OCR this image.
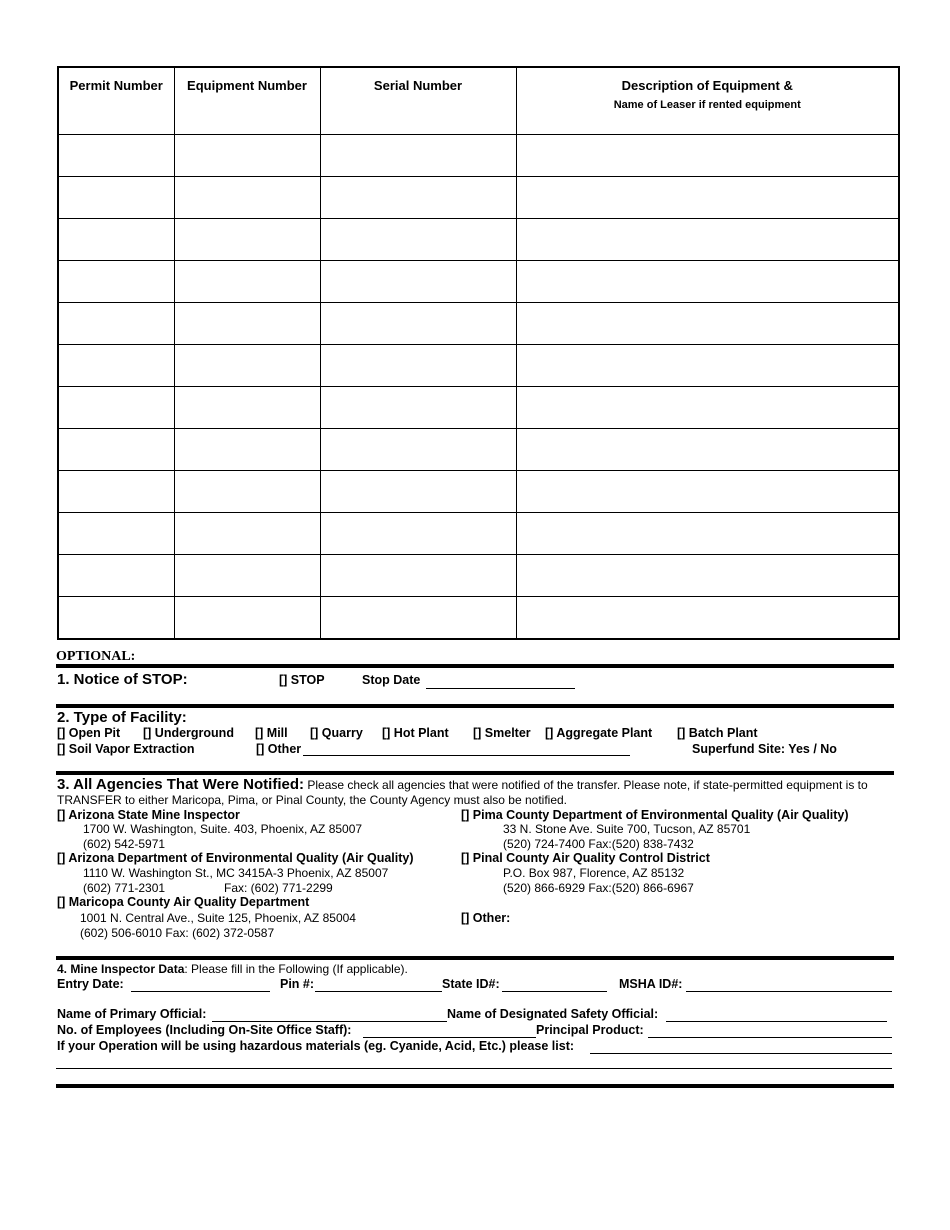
Permit Number	Equipment Number	Serial Number	Description of Equipment &
Name of Leaser if rented equipment

OPTIONAL:
1. Notice of STOP:	[] STOP	Stop Date
2. Type of Facility:
[] Open Pit [] Underground [] Mill [] Quarry [] Hot Plant [] Smelter [] Aggregate Plant [] Batch Plant
[] Soil Vapor Extraction	[] Other	Superfund Site: Yes / No
3. All Agencies That Were Notified: Please check all agencies that were notified of the transfer. Please note, if state-permitted equipment is to
TRANSFER to either Maricopa, Pima, or Pinal County, the County Agency must also be notified.
[] Arizona State Mine Inspector
1700 W. Washington, Suite. 403, Phoenix, AZ 85007
(602) 542-5971
[] Arizona Department of Environmental Quality (Air Quality)
1110 W. Washington St., MC 3415A-3 Phoenix, AZ 85007
(602) 771-2301	Fax: (602) 771-2299
[] Maricopa County Air Quality Department
1001 N. Central Ave., Suite 125, Phoenix, AZ 85004
(602) 506-6010 Fax: (602) 372-0587
[] Pima County Department of Environmental Quality (Air Quality)
33 N. Stone Ave. Suite 700, Tucson, AZ 85701
(520) 724-7400 Fax:(520) 838-7432
[] Pinal County Air Quality Control District
P.O. Box 987, Florence, AZ 85132
(520) 866-6929 Fax:(520) 866-6967
[] Other:
4. Mine Inspector Data: Please fill in the Following (If applicable).
Entry Date:	Pin #:	State ID#:	MSHA ID#:
Name of Primary Official:	Name of Designated Safety Official:
No. of Employees (Including On-Site Office Staff):	Principal Product:
If your Operation will be using hazardous materials (eg. Cyanide, Acid, Etc.) please list:
